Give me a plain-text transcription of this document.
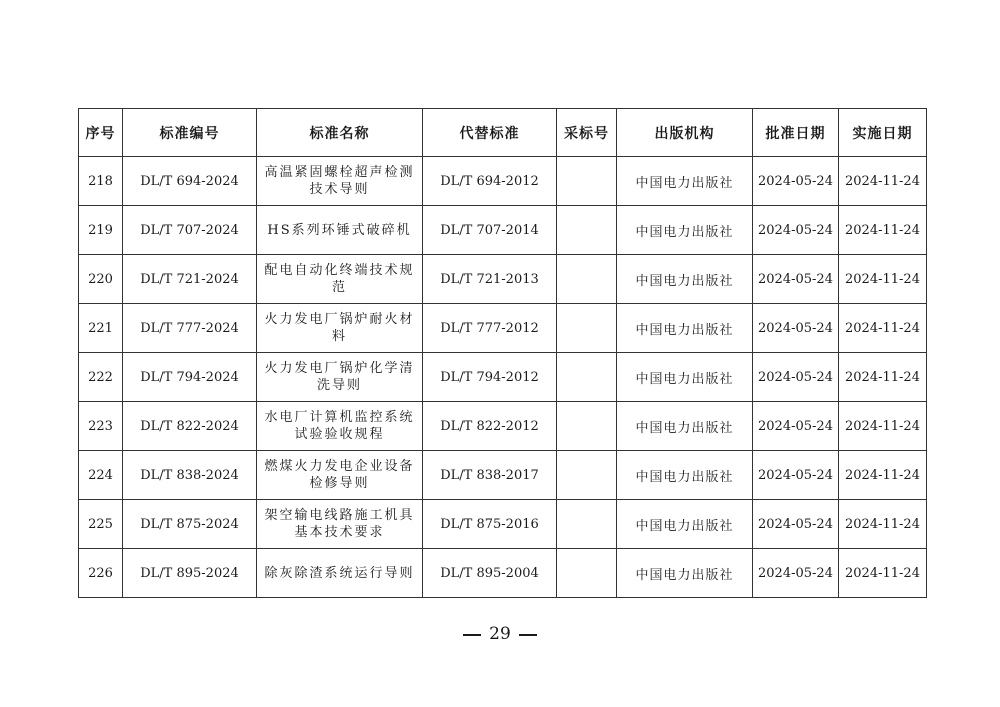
序号	标准编号	标准名称	代替标准	采标号	出版机构	批准日期	实施日期
218	DL/T 694-2024	高温紧固螺栓超声检测技术导则	DL/T 694-2012		中国电力出版社	2024-05-24	2024-11-24
219	DL/T 707-2024	HS系列环锤式破碎机	DL/T 707-2014		中国电力出版社	2024-05-24	2024-11-24
220	DL/T 721-2024	配电自动化终端技术规范	DL/T 721-2013		中国电力出版社	2024-05-24	2024-11-24
221	DL/T 777-2024	火力发电厂锅炉耐火材料	DL/T 777-2012		中国电力出版社	2024-05-24	2024-11-24
222	DL/T 794-2024	火力发电厂锅炉化学清洗导则	DL/T 794-2012		中国电力出版社	2024-05-24	2024-11-24
223	DL/T 822-2024	水电厂计算机监控系统试验验收规程	DL/T 822-2012		中国电力出版社	2024-05-24	2024-11-24
224	DL/T 838-2024	燃煤火力发电企业设备检修导则	DL/T 838-2017		中国电力出版社	2024-05-24	2024-11-24
225	DL/T 875-2024	架空输电线路施工机具基本技术要求	DL/T 875-2016		中国电力出版社	2024-05-24	2024-11-24
226	DL/T 895-2024	除灰除渣系统运行导则	DL/T 895-2004		中国电力出版社	2024-05-24	2024-11-24
29
